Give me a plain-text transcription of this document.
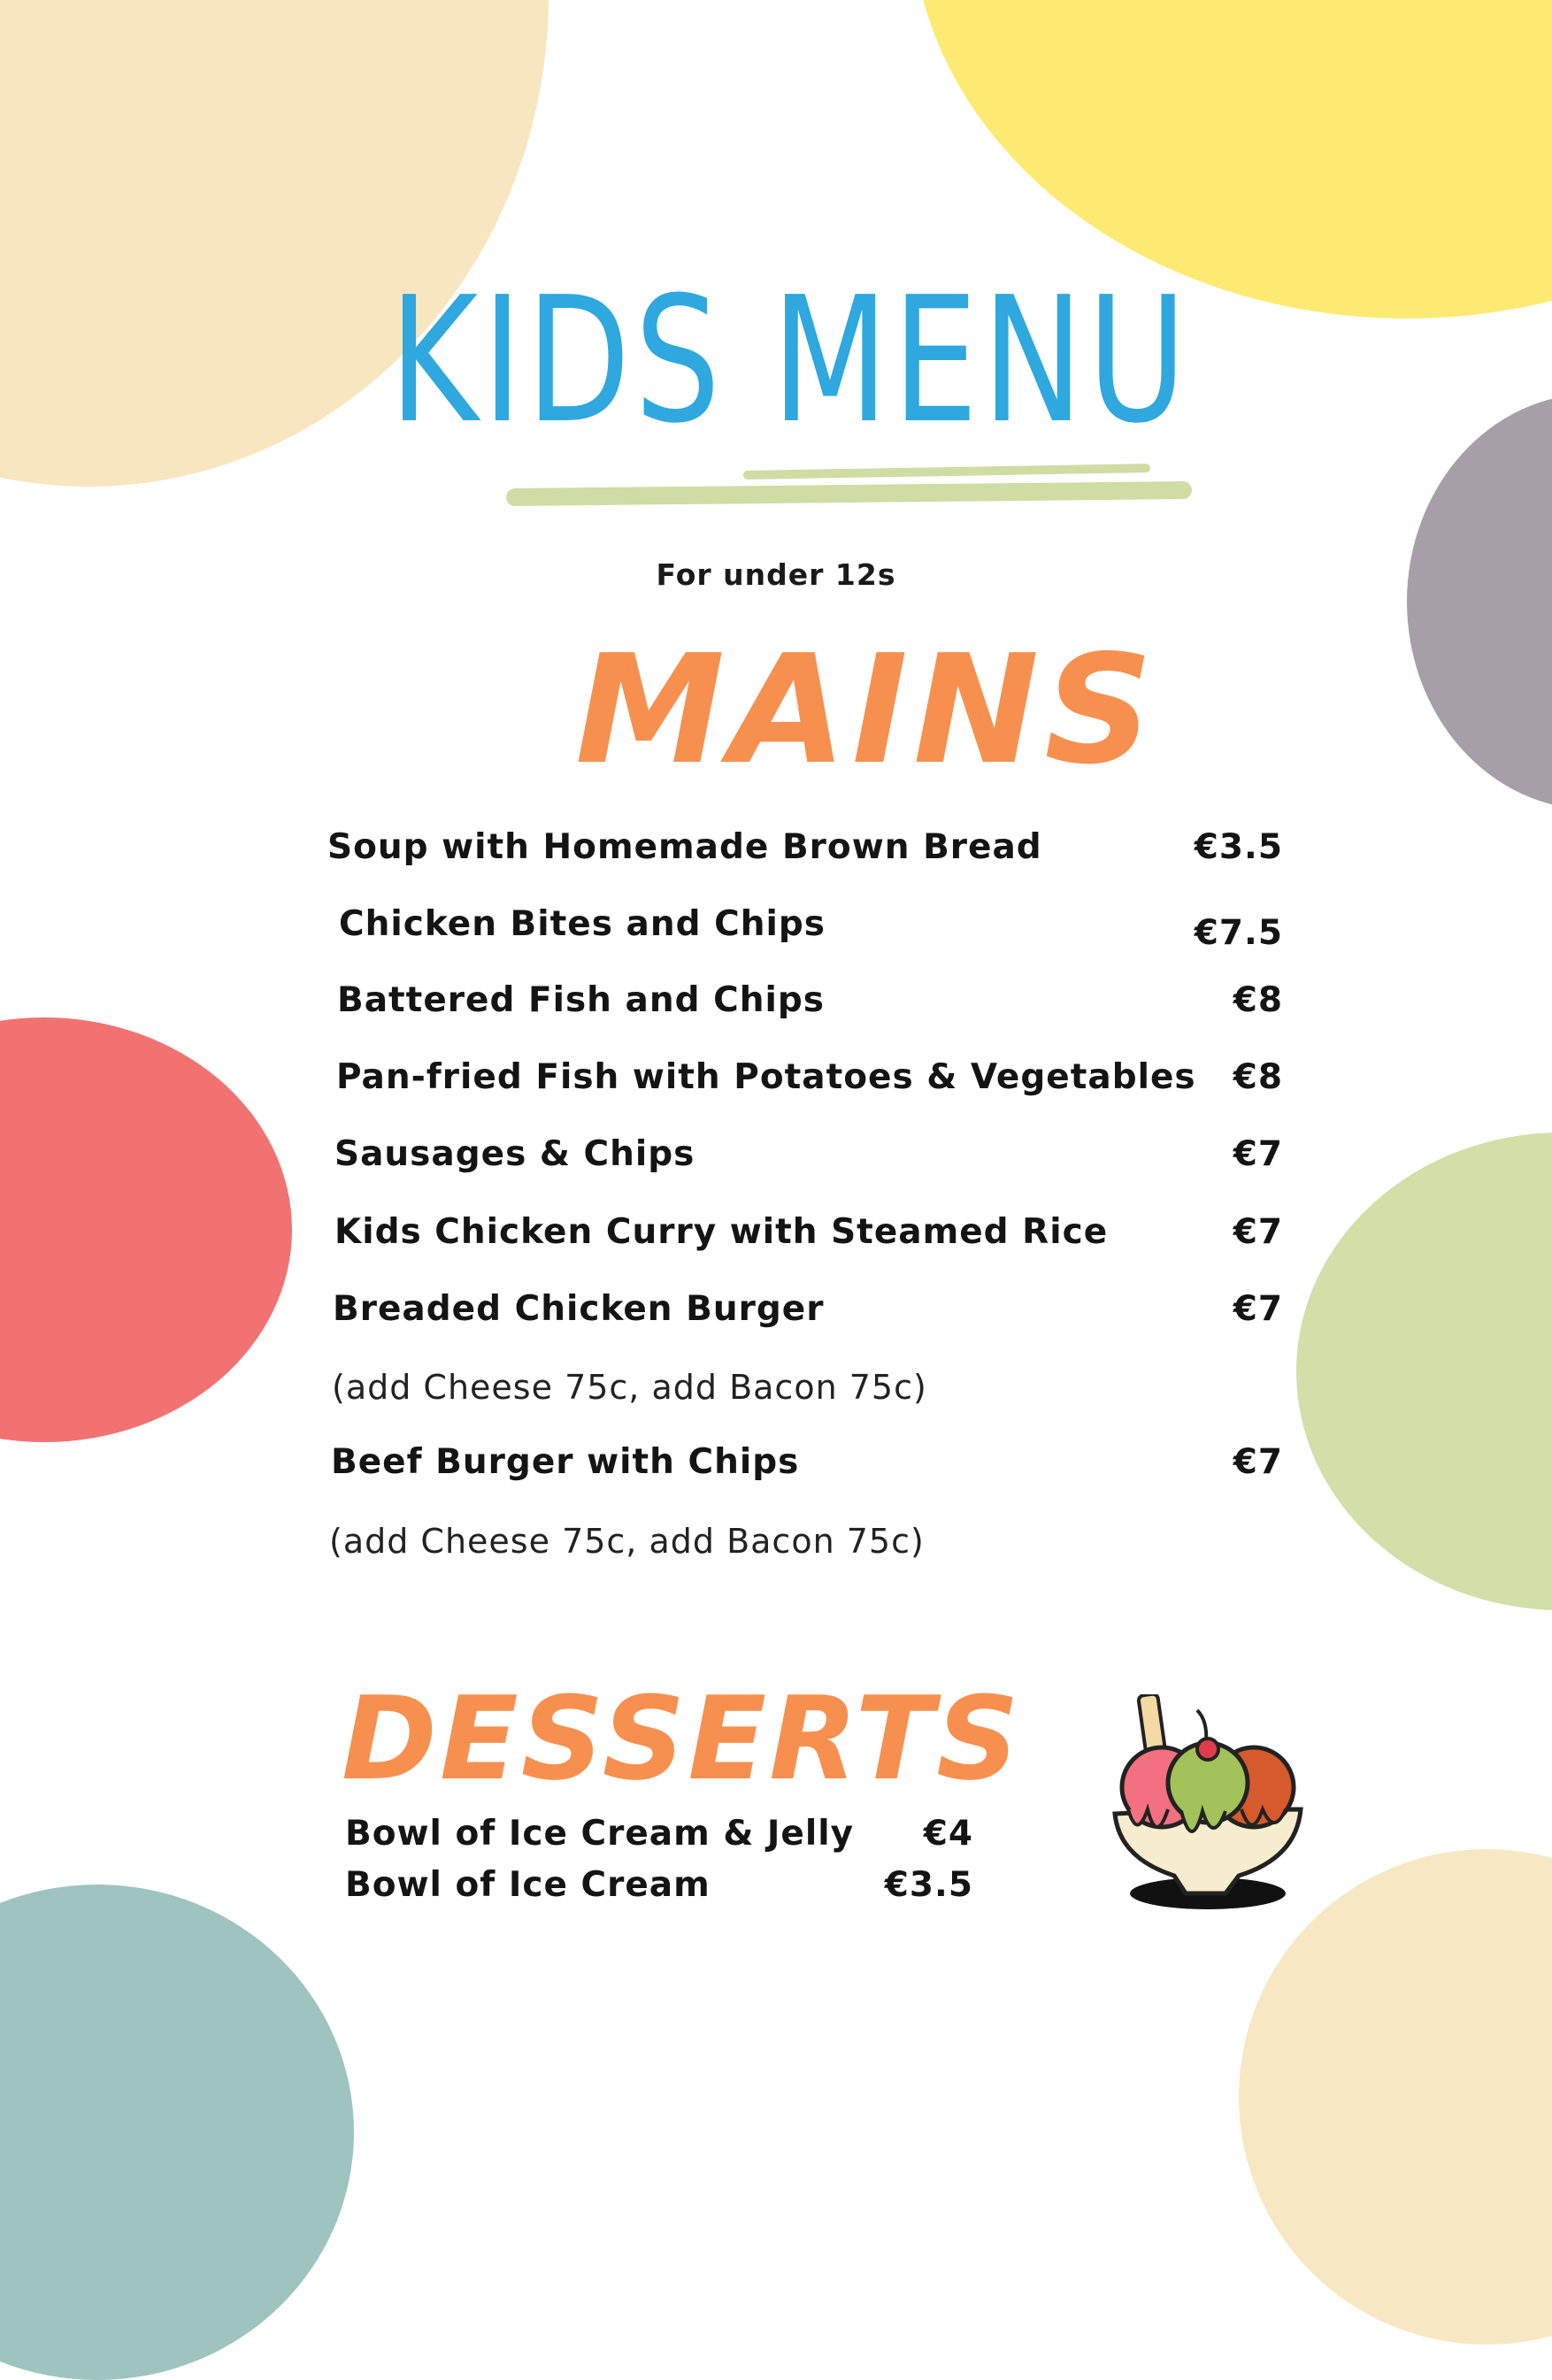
KIDS MENU
For under 12s
MAINS
Soup with Homemade Brown Bread	€3.5
Chicken Bites and Chips	€7.5
Battered Fish and Chips	€8
Pan-fried Fish with Potatoes & Vegetables €8
Sausages & Chips	€7
Kids Chicken Curry with Steamed Rice	€7
Breaded Chicken Burger	€7
(add Cheese 75c, add Bacon 75c)
Beef Burger with Chips	€7
(add Cheese 75c, add Bacon 75c)
DESSERTS
Bowl of Ice Cream & Jelly €4
Bowl of Ice Cream	€3.5
